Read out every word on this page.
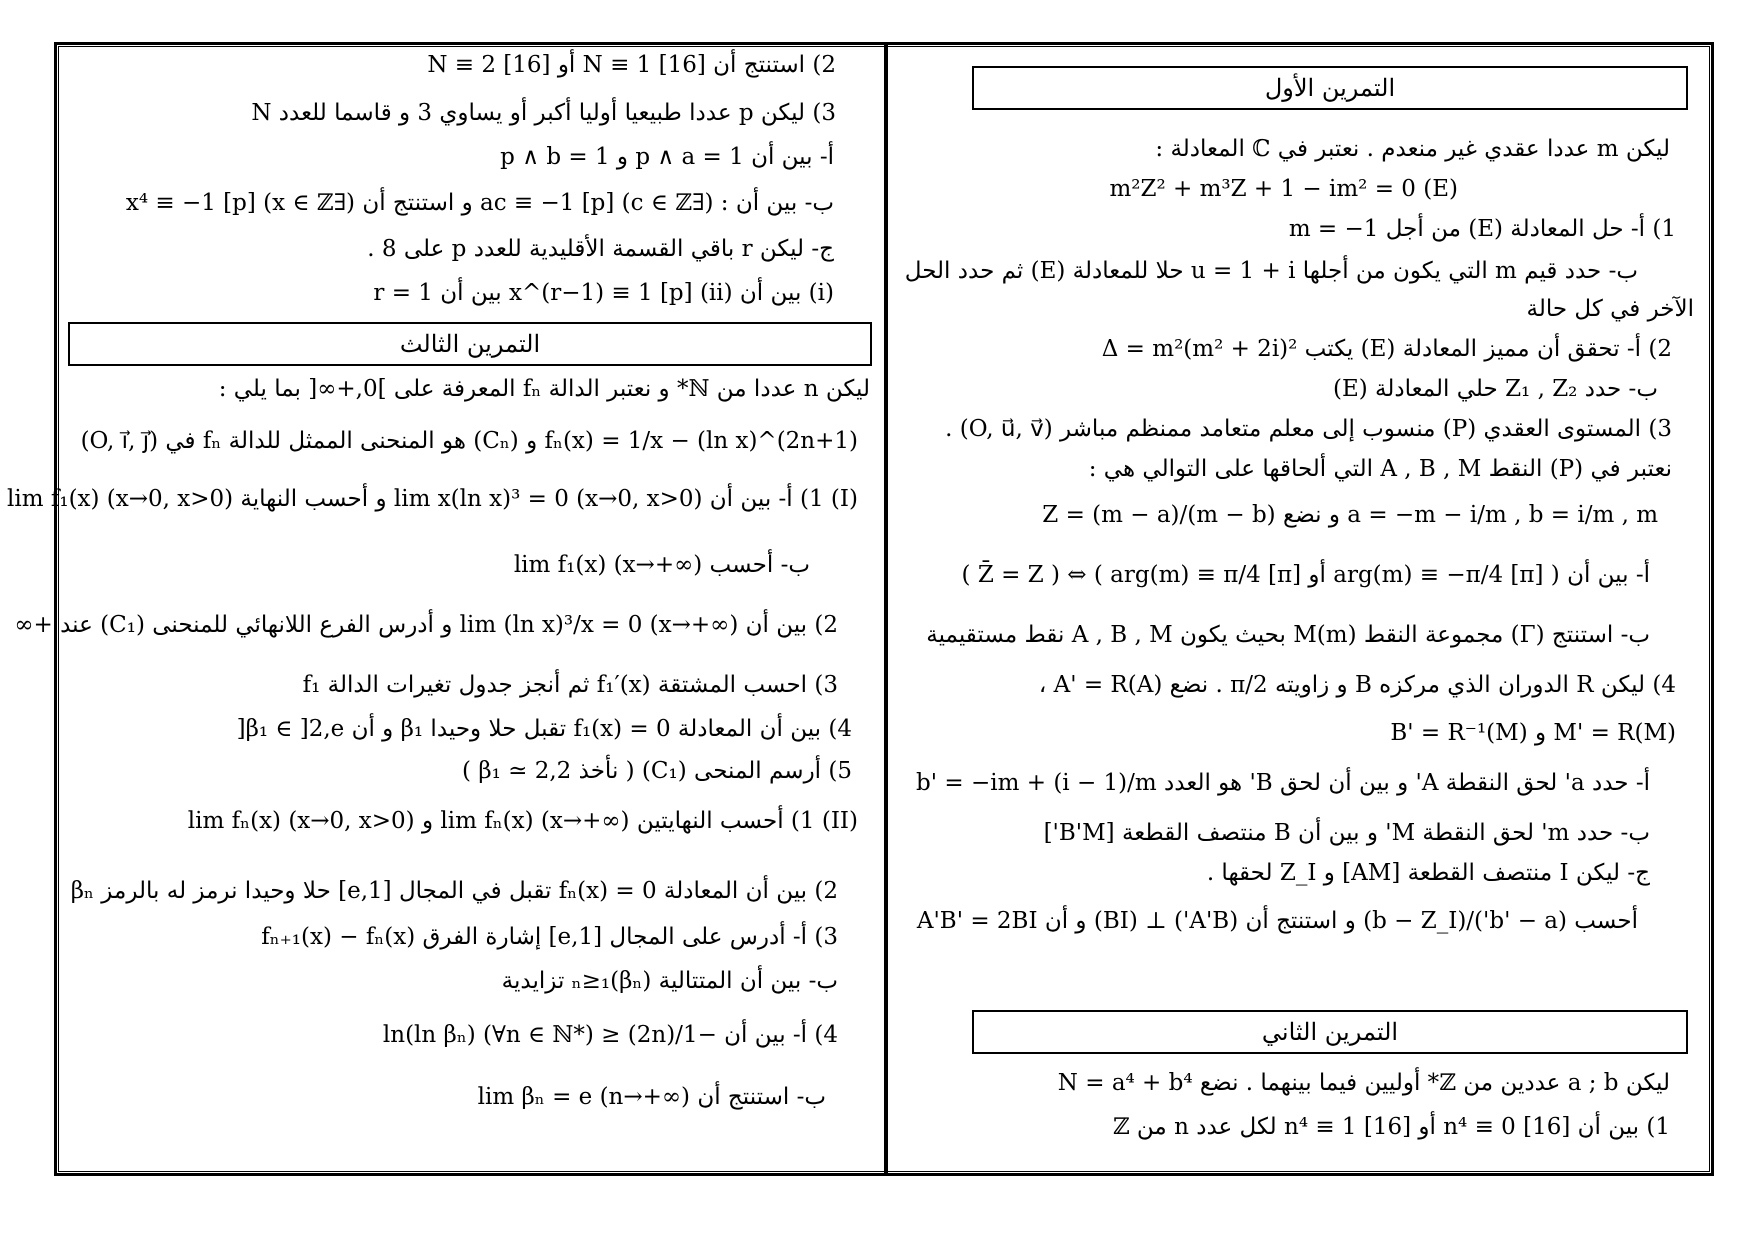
التمرين الأول
ليكن m عددا عقدي غير منعدم . نعتبر في ℂ المعادلة :
(E) m²Z² + m³Z + 1 − im² = 0
1) أ- حل المعادلة (E) من أجل m = −1
ب- حدد قيم m التي يكون من أجلها u = 1 + i حلا للمعادلة (E) ثم حدد الحل
الآخر في كل حالة
2) أ- تحقق أن مميز المعادلة (E) يكتب Δ = m²(m² + 2i)²
ب- حدد Z₁ , Z₂ حلي المعادلة (E)
3) المستوى العقدي (P) منسوب إلى معلم متعامد ممنظم مباشر (O, u⃗, v⃗) .
نعتبر في (P) النقط A , B , M التي ألحاقها على التوالي هي :
a = −m − i/m , b = i/m , m و نضع Z = (m − a)/(m − b)
أ- بين أن ( arg(m) ≡ −π/4 [π] أو arg(m) ≡ π/4 [π] ) ⇔ ( Z̄ = Z )
ب- استنتج (Γ) مجموعة النقط M(m) بحيث يكون A , B , M نقط مستقيمية
4) ليكن R الدوران الذي مركزه B و زاويته π/2 . نضع A' = R(A) ،
M' = R(M) و B' = R⁻¹(M)
أ- حدد a' لحق النقطة A' و بين أن لحق B' هو العدد b' = −im + (i − 1)/m
ب- حدد m' لحق النقطة M' و بين أن B منتصف القطعة [B'M']
ج- ليكن I منتصف القطعة [AM] و Z_I لحقها .
أحسب (b' − a')/(b − Z_I) و استنتج أن (A'B') ⊥ (BI) و أن A'B' = 2BI
التمرين الثاني
ليكن a ; b عددين من ℤ* أوليين فيما بينهما . نضع N = a⁴ + b⁴
1) بين أن n⁴ ≡ 0 [16] أو n⁴ ≡ 1 [16] لكل عدد n من ℤ
2) استنتج أن N ≡ 1 [16] أو N ≡ 2 [16]
3) ليكن p عددا طبيعيا أوليا أكبر أو يساوي 3 و قاسما للعدد N
أ- بين أن p ∧ a = 1 و p ∧ b = 1
ب- بين أن : (∃c ∈ ℤ) ac ≡ −1 [p] و استنتج أن (∃x ∈ ℤ) x⁴ ≡ −1 [p]
ج- ليكن r باقي القسمة الأقليدية للعدد p على 8 .
(i) بين أن x^(r−1) ≡ 1 [p] (ii) بين أن r = 1
التمرين الثالث
ليكن n عددا من ℕ* و نعتبر الدالة fₙ المعرفة على ]0,+∞[ بما يلي :
fₙ(x) = 1/x − (ln x)^(2n+1) و (Cₙ) هو المنحنى الممثل للدالة fₙ في (O, i⃗, j⃗)
(I) 1) أ- بين أن lim x(ln x)³ = 0 (x→0, x>0) و أحسب النهاية lim f₁(x) (x→0, x>0)
ب- أحسب lim f₁(x) (x→+∞)
2) بين أن lim (ln x)³/x = 0 (x→+∞) و أدرس الفرع اللانهائي للمنحنى (C₁) عند +∞
3) احسب المشتقة f₁′(x) ثم أنجز جدول تغيرات الدالة f₁
4) بين أن المعادلة f₁(x) = 0 تقبل حلا وحيدا β₁ و أن β₁ ∈ ]2,e[
5) أرسم المنحى (C₁) ( نأخذ β₁ ≃ 2,2 )
(II) 1) أحسب النهايتين lim fₙ(x) (x→+∞) و lim fₙ(x) (x→0, x>0)
2) بين أن المعادلة fₙ(x) = 0 تقبل في المجال [1,e] حلا وحيدا نرمز له بالرمز βₙ
3) أ- أدرس على المجال [1,e] إشارة الفرق fₙ₊₁(x) − fₙ(x)
ب- بين أن المتتالية (βₙ)ₙ≥₁ تزايدية
4) أ- بين أن −1/(2n) ≤ ln(ln βₙ) (∀n ∈ ℕ*)
ب- استنتج أن lim βₙ = e (n→+∞)
